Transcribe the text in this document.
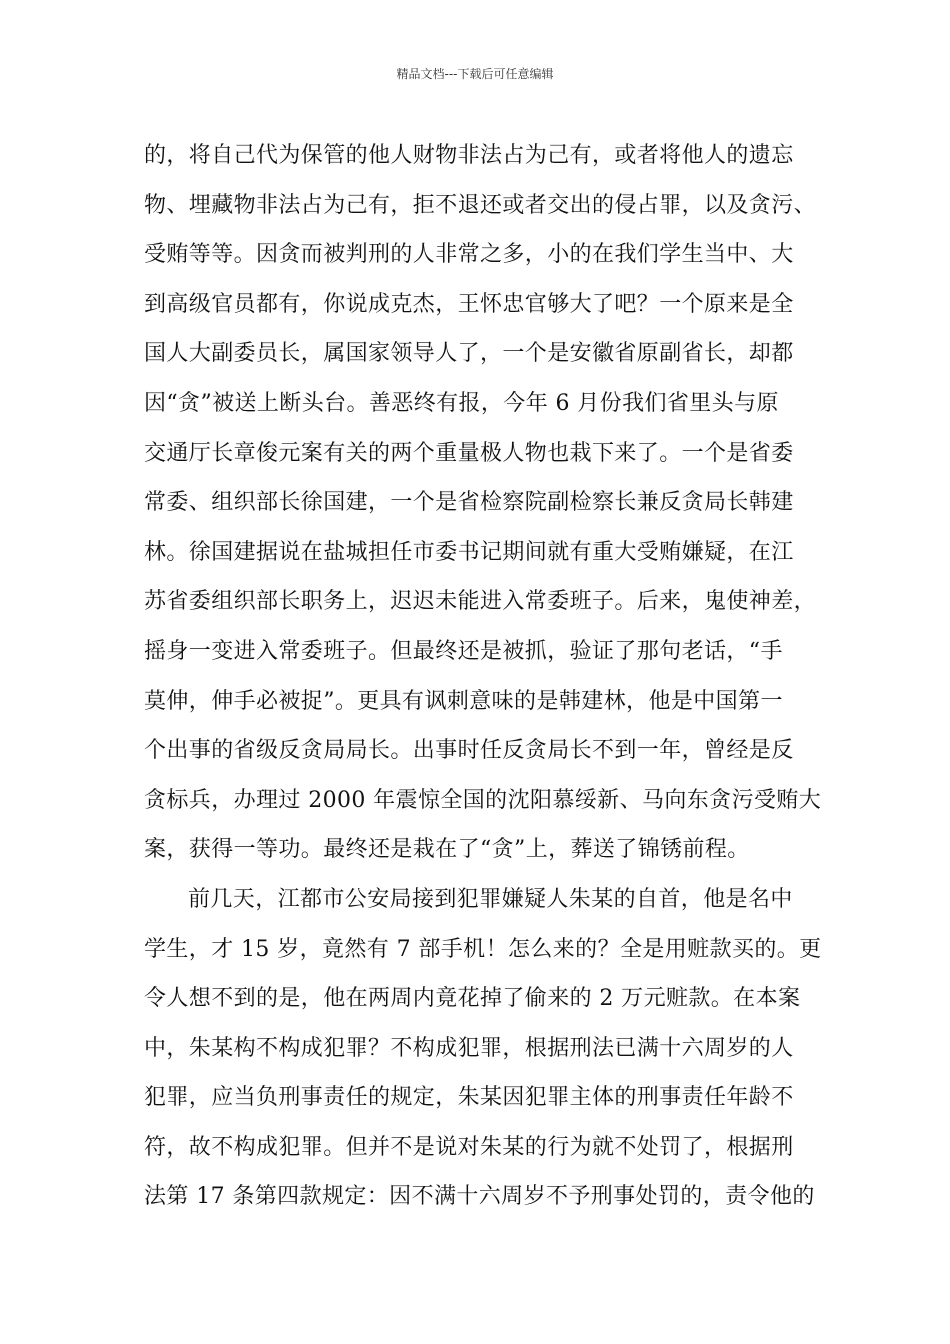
精品文档---下载后可任意编辑
的，将自己代为保管的他人财物非法占为己有，或者将他人的遗忘
物、埋藏物非法占为己有，拒不退还或者交出的侵占罪，以及贪污、
受贿等等。因贪而被判刑的人非常之多，小的在我们学生当中、大
到高级官员都有，你说成克杰，王怀忠官够大了吧？一个原来是全
国人大副委员长，属国家领导人了，一个是安徽省原副省长，却都
因“贪”被送上断头台。善恶终有报，今年 6 月份我们省里头与原
交通厅长章俊元案有关的两个重量极人物也栽下来了。一个是省委
常委、组织部长徐国建，一个是省检察院副检察长兼反贪局长韩建
林。徐国建据说在盐城担任市委书记期间就有重大受贿嫌疑，在江
苏省委组织部长职务上，迟迟未能进入常委班子。后来，鬼使神差，
摇身一变进入常委班子。但最终还是被抓，验证了那句老话，“手
莫伸，伸手必被捉”。更具有讽刺意味的是韩建林，他是中国第一
个出事的省级反贪局局长。出事时任反贪局长不到一年，曾经是反
贪标兵，办理过 2000 年震惊全国的沈阳慕绥新、马向东贪污受贿大
案，获得一等功。最终还是栽在了“贪”上，葬送了锦锈前程。
前几天，江都市公安局接到犯罪嫌疑人朱某的自首，他是名中
学生，才 15 岁，竟然有 7 部手机！怎么来的？全是用赃款买的。更
令人想不到的是，他在两周内竟花掉了偷来的 2 万元赃款。在本案
中，朱某构不构成犯罪？不构成犯罪，根据刑法已满十六周岁的人
犯罪，应当负刑事责任的规定，朱某因犯罪主体的刑事责任年龄不
符，故不构成犯罪。但并不是说对朱某的行为就不处罚了，根据刑
法第 17 条第四款规定：因不满十六周岁不予刑事处罚的，责令他的
